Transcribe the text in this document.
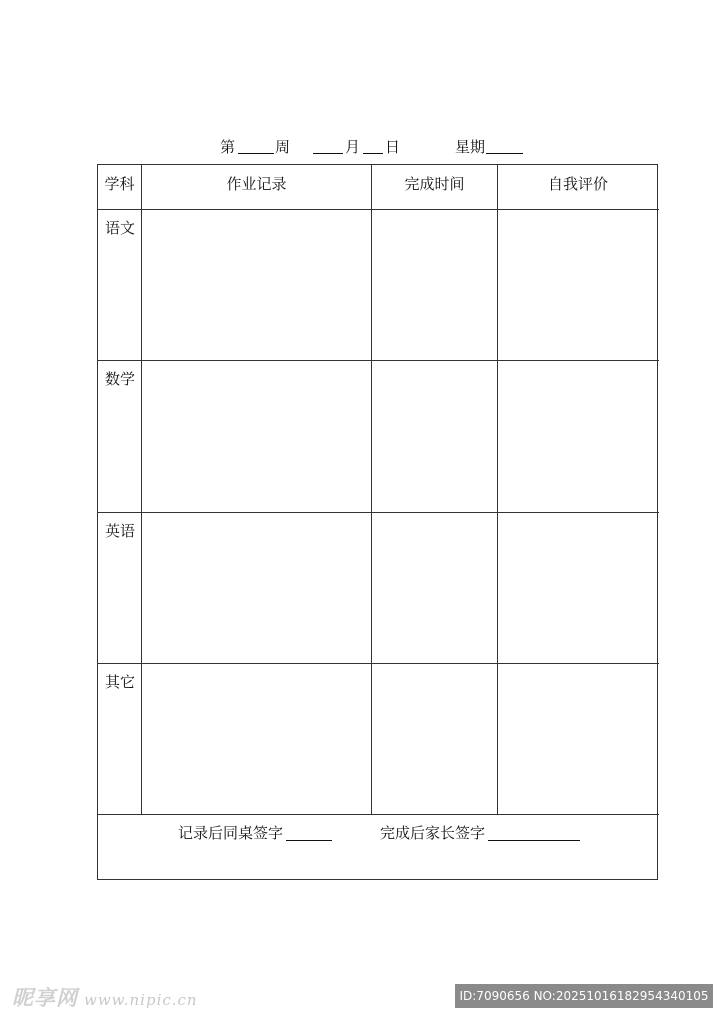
第	周	月 日	星期
学科	作业记录	完成时间	自我评价
语文
数学
英语
其它
记录后同桌签字	完成后家长签字
昵享网 www.nipic.cn	ID:7090656 NO:20251016182954340105
